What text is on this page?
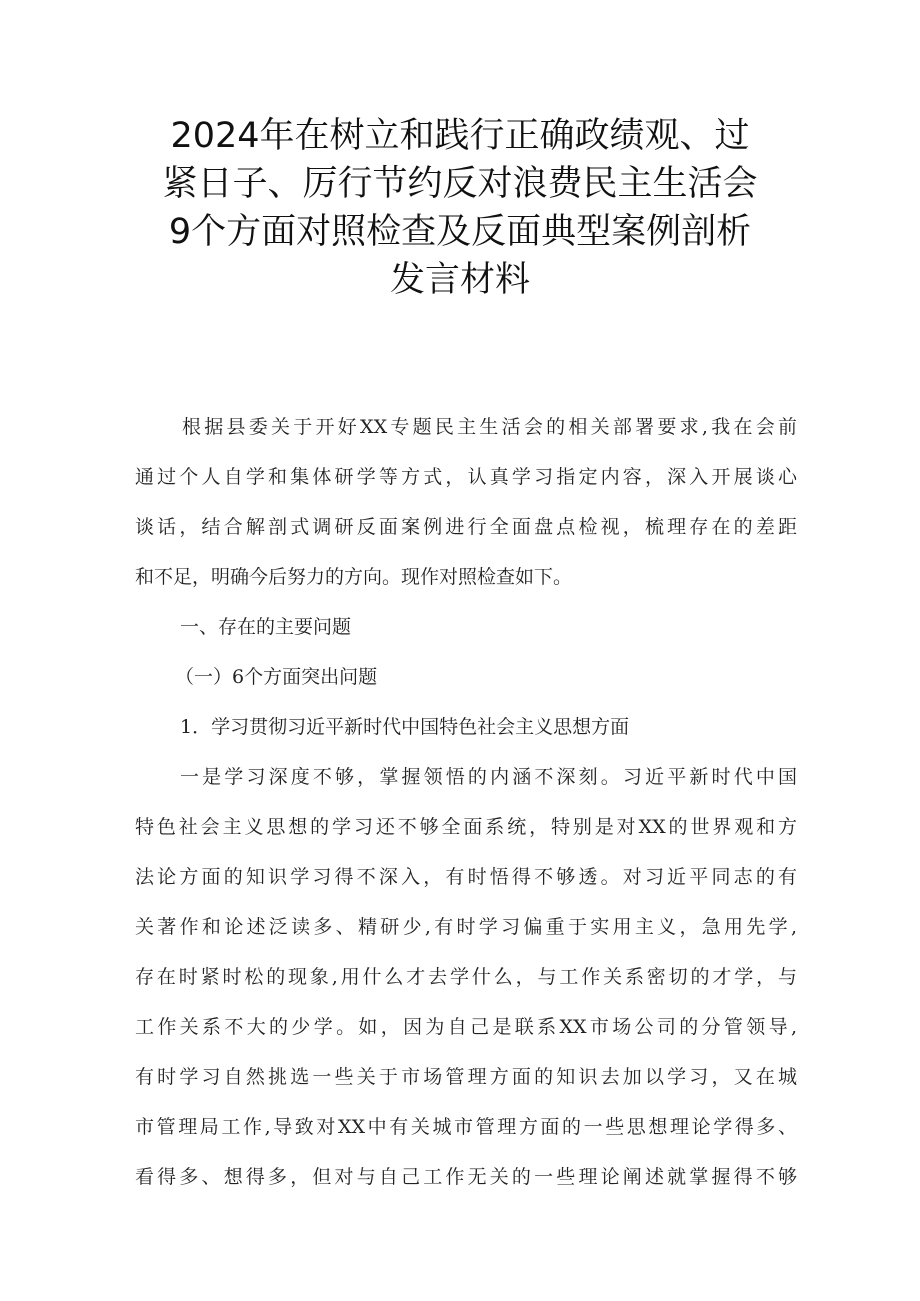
2024年在树立和践行正确政绩观、过
紧日子、厉行节约反对浪费民主生活会
9个方面对照检查及反面典型案例剖析
发言材料
根据县委关于开好XX专题民主生活会的相关部署要求,我在会前
通过个人自学和集体研学等方式，认真学习指定内容，深入开展谈心
谈话，结合解剖式调研反面案例进行全面盘点检视，梳理存在的差距
和不足，明确今后努力的方向。现作对照检查如下。
一、存在的主要问题
（一）6个方面突出问题
1．学习贯彻习近平新时代中国特色社会主义思想方面
一是学习深度不够，掌握领悟的内涵不深刻。习近平新时代中国
特色社会主义思想的学习还不够全面系统，特别是对XX的世界观和方
法论方面的知识学习得不深入，有时悟得不够透。对习近平同志的有
关著作和论述泛读多、精研少,有时学习偏重于实用主义，急用先学,
存在时紧时松的现象,用什么才去学什么，与工作关系密切的才学，与
工作关系不大的少学。如，因为自己是联系XX市场公司的分管领导,
有时学习自然挑选一些关于市场管理方面的知识去加以学习，又在城
市管理局工作,导致对XX中有关城市管理方面的一些思想理论学得多、
看得多、想得多，但对与自己工作无关的一些理论阐述就掌握得不够
